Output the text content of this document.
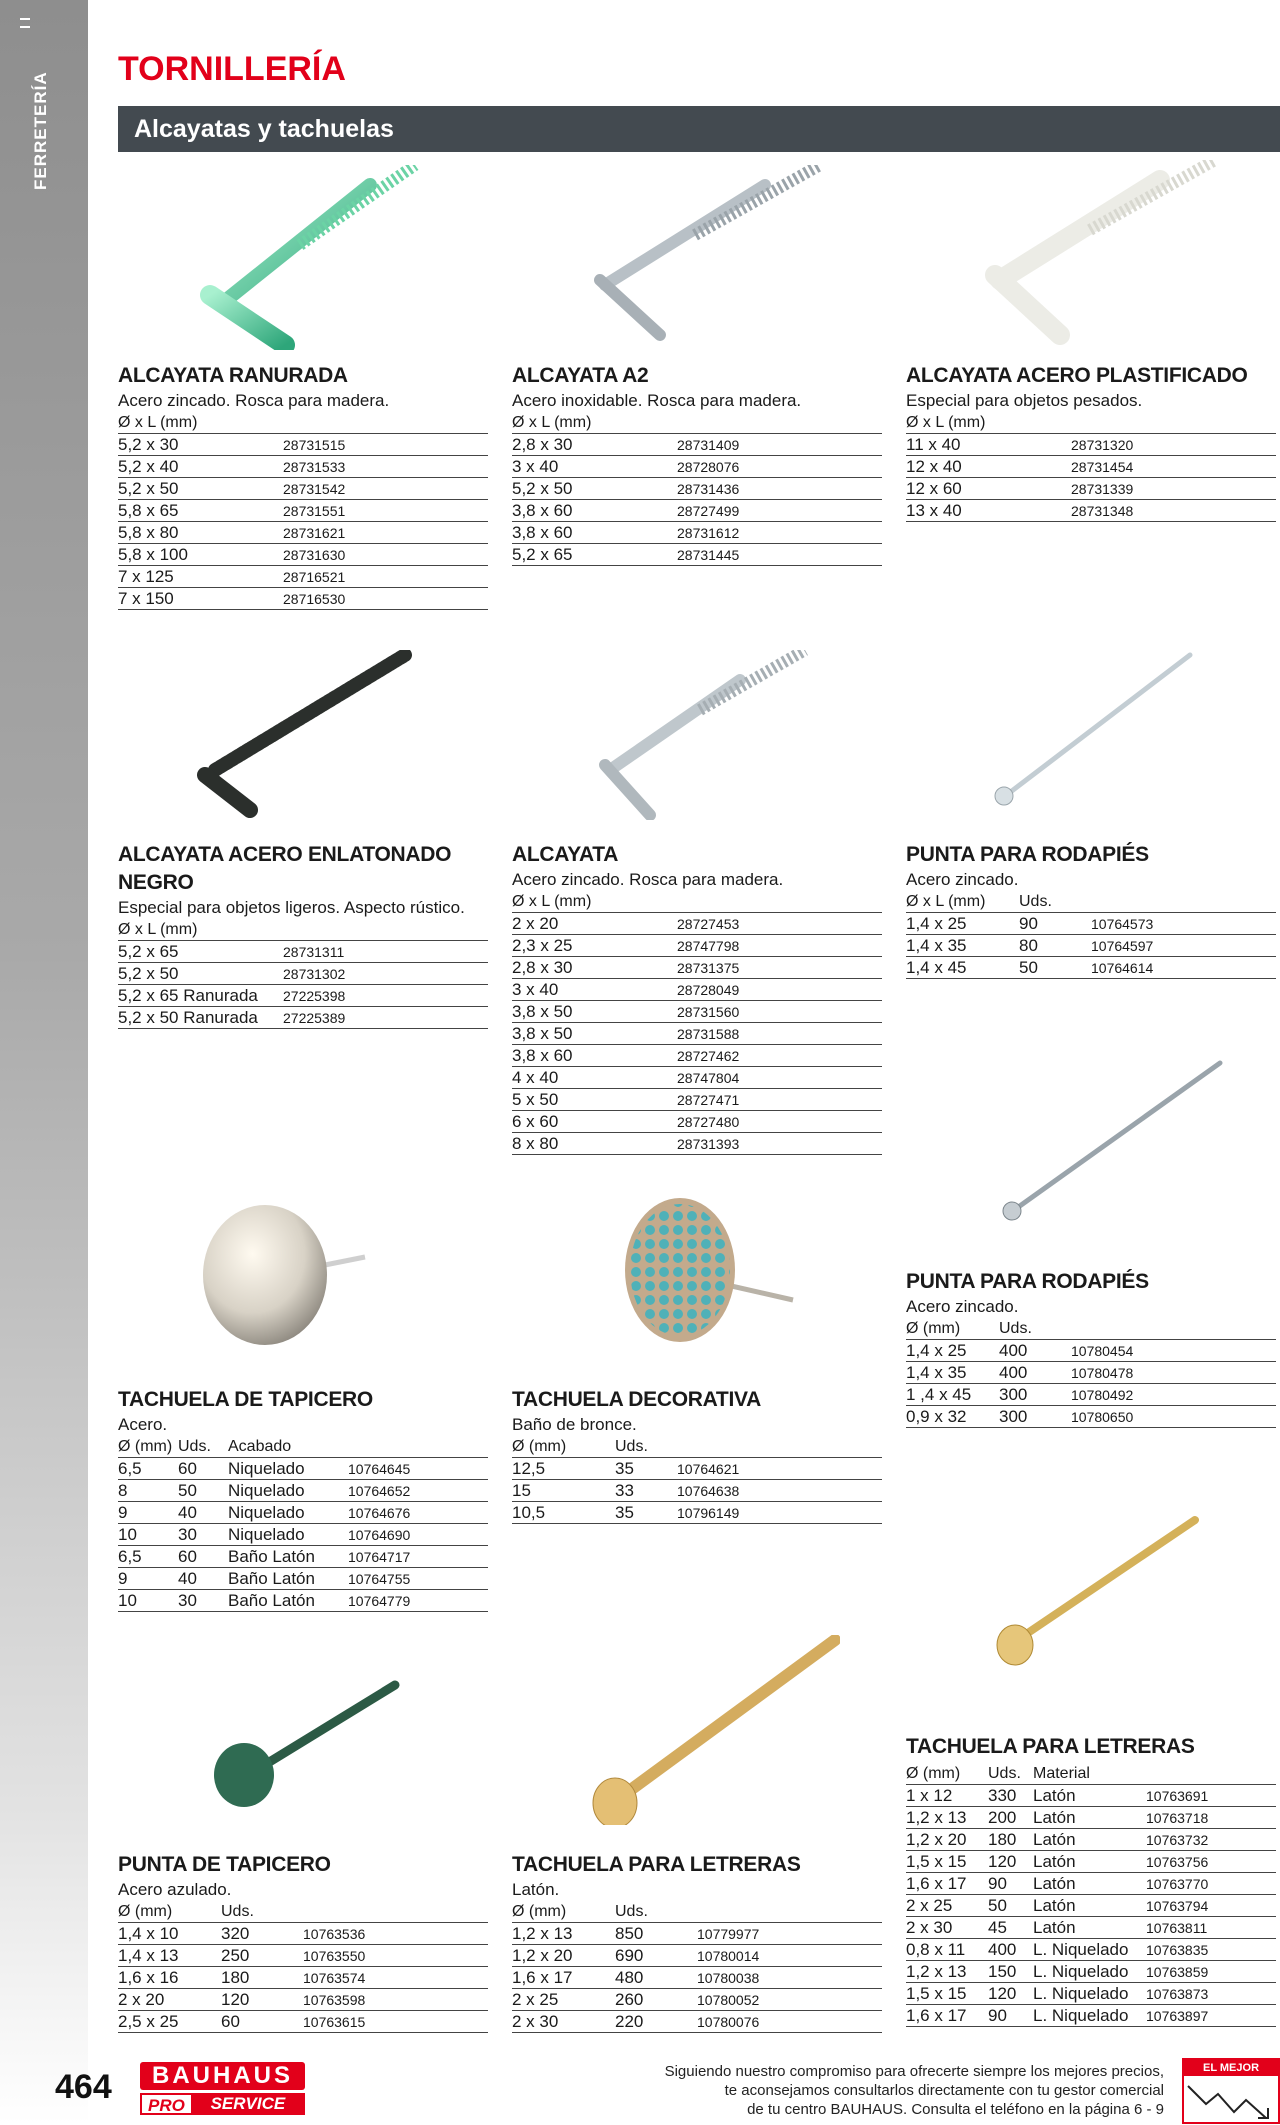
FERRETERÍA
TORNILLERÍA
Alcayatas y tachuelas
ALCAYATA RANURADA
Acero zincado. Rosca para madera.
Ø x L (mm)	
5,2 x 30	28731515
5,2 x 40	28731533
5,2 x 50	28731542
5,8 x 65	28731551
5,8 x 80	28731621
5,8 x 100	28731630
7 x 125	28716521
7 x 150	28716530
ALCAYATA A2
Acero inoxidable. Rosca para madera.
Ø x L (mm)	
2,8 x 30	28731409
3 x 40	28728076
5,2 x 50	28731436
3,8 x 60	28727499
3,8 x 60	28731612
5,2 x 65	28731445
ALCAYATA ACERO PLASTIFICADO
Especial para objetos pesados.
Ø x L (mm)	
11 x 40	28731320
12 x 40	28731454
12 x 60	28731339
13 x 40	28731348
ALCAYATA ACERO ENLATONADO NEGRO
Especial para objetos ligeros. Aspecto rústico.
Ø x L (mm)	
5,2 x 65	28731311
5,2 x 50	28731302
5,2 x 65 Ranurada	27225398
5,2 x 50 Ranurada	27225389
ALCAYATA
Acero zincado. Rosca para madera.
Ø x L (mm)	
2 x 20	28727453
2,3 x 25	28747798
2,8 x 30	28731375
3 x 40	28728049
3,8 x 50	28731560
3,8 x 50	28731588
3,8 x 60	28727462
4 x 40	28747804
5 x 50	28727471
6 x 60	28727480
8 x 80	28731393
PUNTA PARA RODAPIÉS
Acero zincado.
Ø x L (mm)	Uds.	
1,4 x 25	90	10764573
1,4 x 35	80	10764597
1,4 x 45	50	10764614
PUNTA PARA RODAPIÉS
Acero zincado.
Ø (mm)	Uds.	
1,4 x 25	400	10780454
1,4 x 35	400	10780478
1 ,4 x 45	300	10780492
0,9 x 32	300	10780650
TACHUELA DE TAPICERO
Acero.
Ø (mm)	Uds.	Acabado	
6,5	60	Niquelado	10764645
8	50	Niquelado	10764652
9	40	Niquelado	10764676
10	30	Niquelado	10764690
6,5	60	Baño Latón	10764717
9	40	Baño Latón	10764755
10	30	Baño Latón	10764779
TACHUELA DECORATIVA
Baño de bronce.
Ø (mm)	Uds.	
12,5	35	10764621
15	33	10764638
10,5	35	10796149
TACHUELA PARA LETRERAS
Ø (mm)	Uds.	Material	
1 x 12	330	Latón	10763691
1,2 x 13	200	Latón	10763718
1,2 x 20	180	Latón	10763732
1,5 x 15	120	Latón	10763756
1,6 x 17	90	Latón	10763770
2 x 25	50	Latón	10763794
2 x 30	45	Latón	10763811
0,8 x 11	400	L. Niquelado	10763835
1,2 x 13	150	L. Niquelado	10763859
1,5 x 15	120	L. Niquelado	10763873
1,6 x 17	90	L. Niquelado	10763897
PUNTA DE TAPICERO
Acero azulado.
Ø (mm)	Uds.	
1,4 x 10	320	10763536
1,4 x 13	250	10763550
1,6 x 16	180	10763574
2 x 20	120	10763598
2,5 x 25	60	10763615
TACHUELA PARA LETRERAS
Latón.
Ø (mm)	Uds.	
1,2 x 13	850	10779977
1,2 x 20	690	10780014
1,6 x 17	480	10780038
2 x 25	260	10780052
2 x 30	220	10780076
464	BAUHAUS
PRO	SERVICE
Siguiendo nuestro compromiso para ofrecerte siempre los mejores precios,
te aconsejamos consultarlos directamente con tu gestor comercial
de tu centro BAUHAUS. Consulta el teléfono en la página 6 - 9
EL MEJOR PRECIO
